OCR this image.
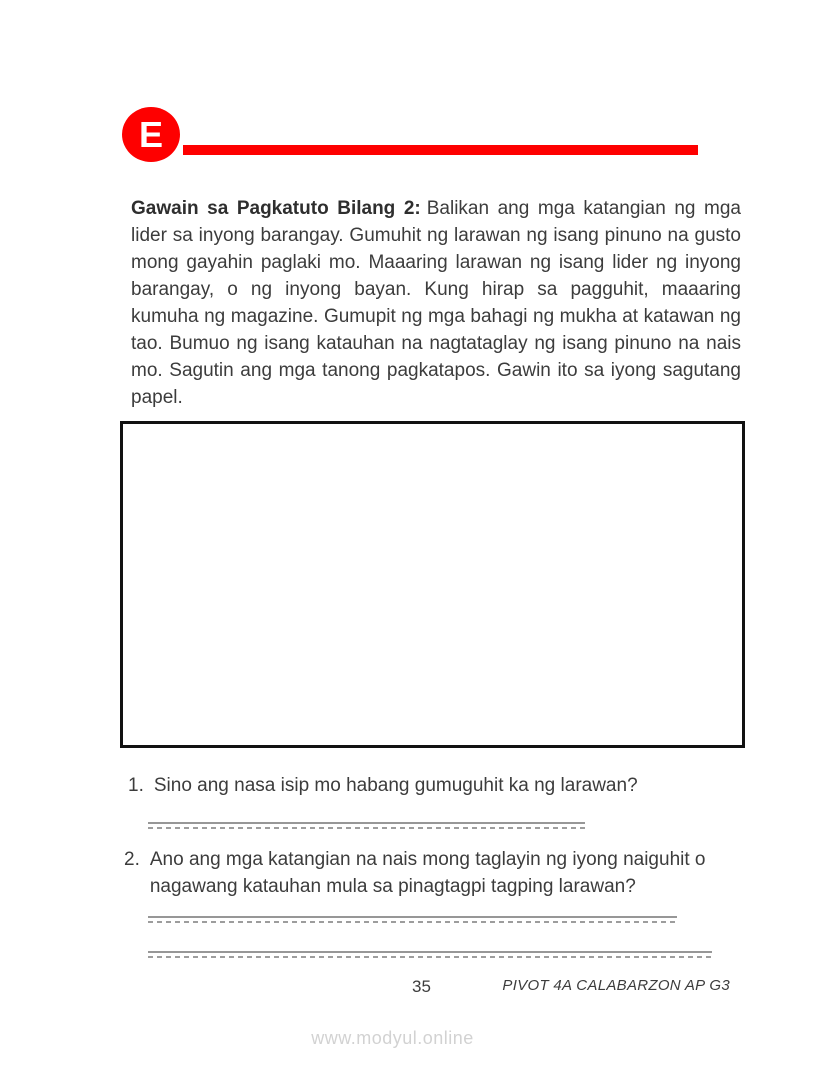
E

Gawain sa Pagkatuto Bilang 2: Balikan ang mga katangian ng mga lider sa inyong barangay. Gumuhit ng larawan ng isang pinuno na gusto mong gayahin paglaki mo. Maaaring larawan ng isang lider ng inyong barangay, o ng inyong bayan. Kung hirap sa pagguhit, maaaring kumuha ng magazine. Gumupit ng mga bahagi ng mukha at katawan ng tao. Bumuo ng isang katauhan na nagtataglay ng isang pinuno na nais mo. Sagutin ang mga tanong pagkatapos. Gawin ito sa iyong sagutang papel.

1. Sino ang nasa isip mo habang gumuguhit ka ng larawan?
2. Ano ang mga katangian na nais mong taglayin ng iyong naiguhit o nagawang katauhan mula sa pinagtagpi tagping larawan?
35	PIVOT 4A CALABARZON AP G3
www.modyul.online
